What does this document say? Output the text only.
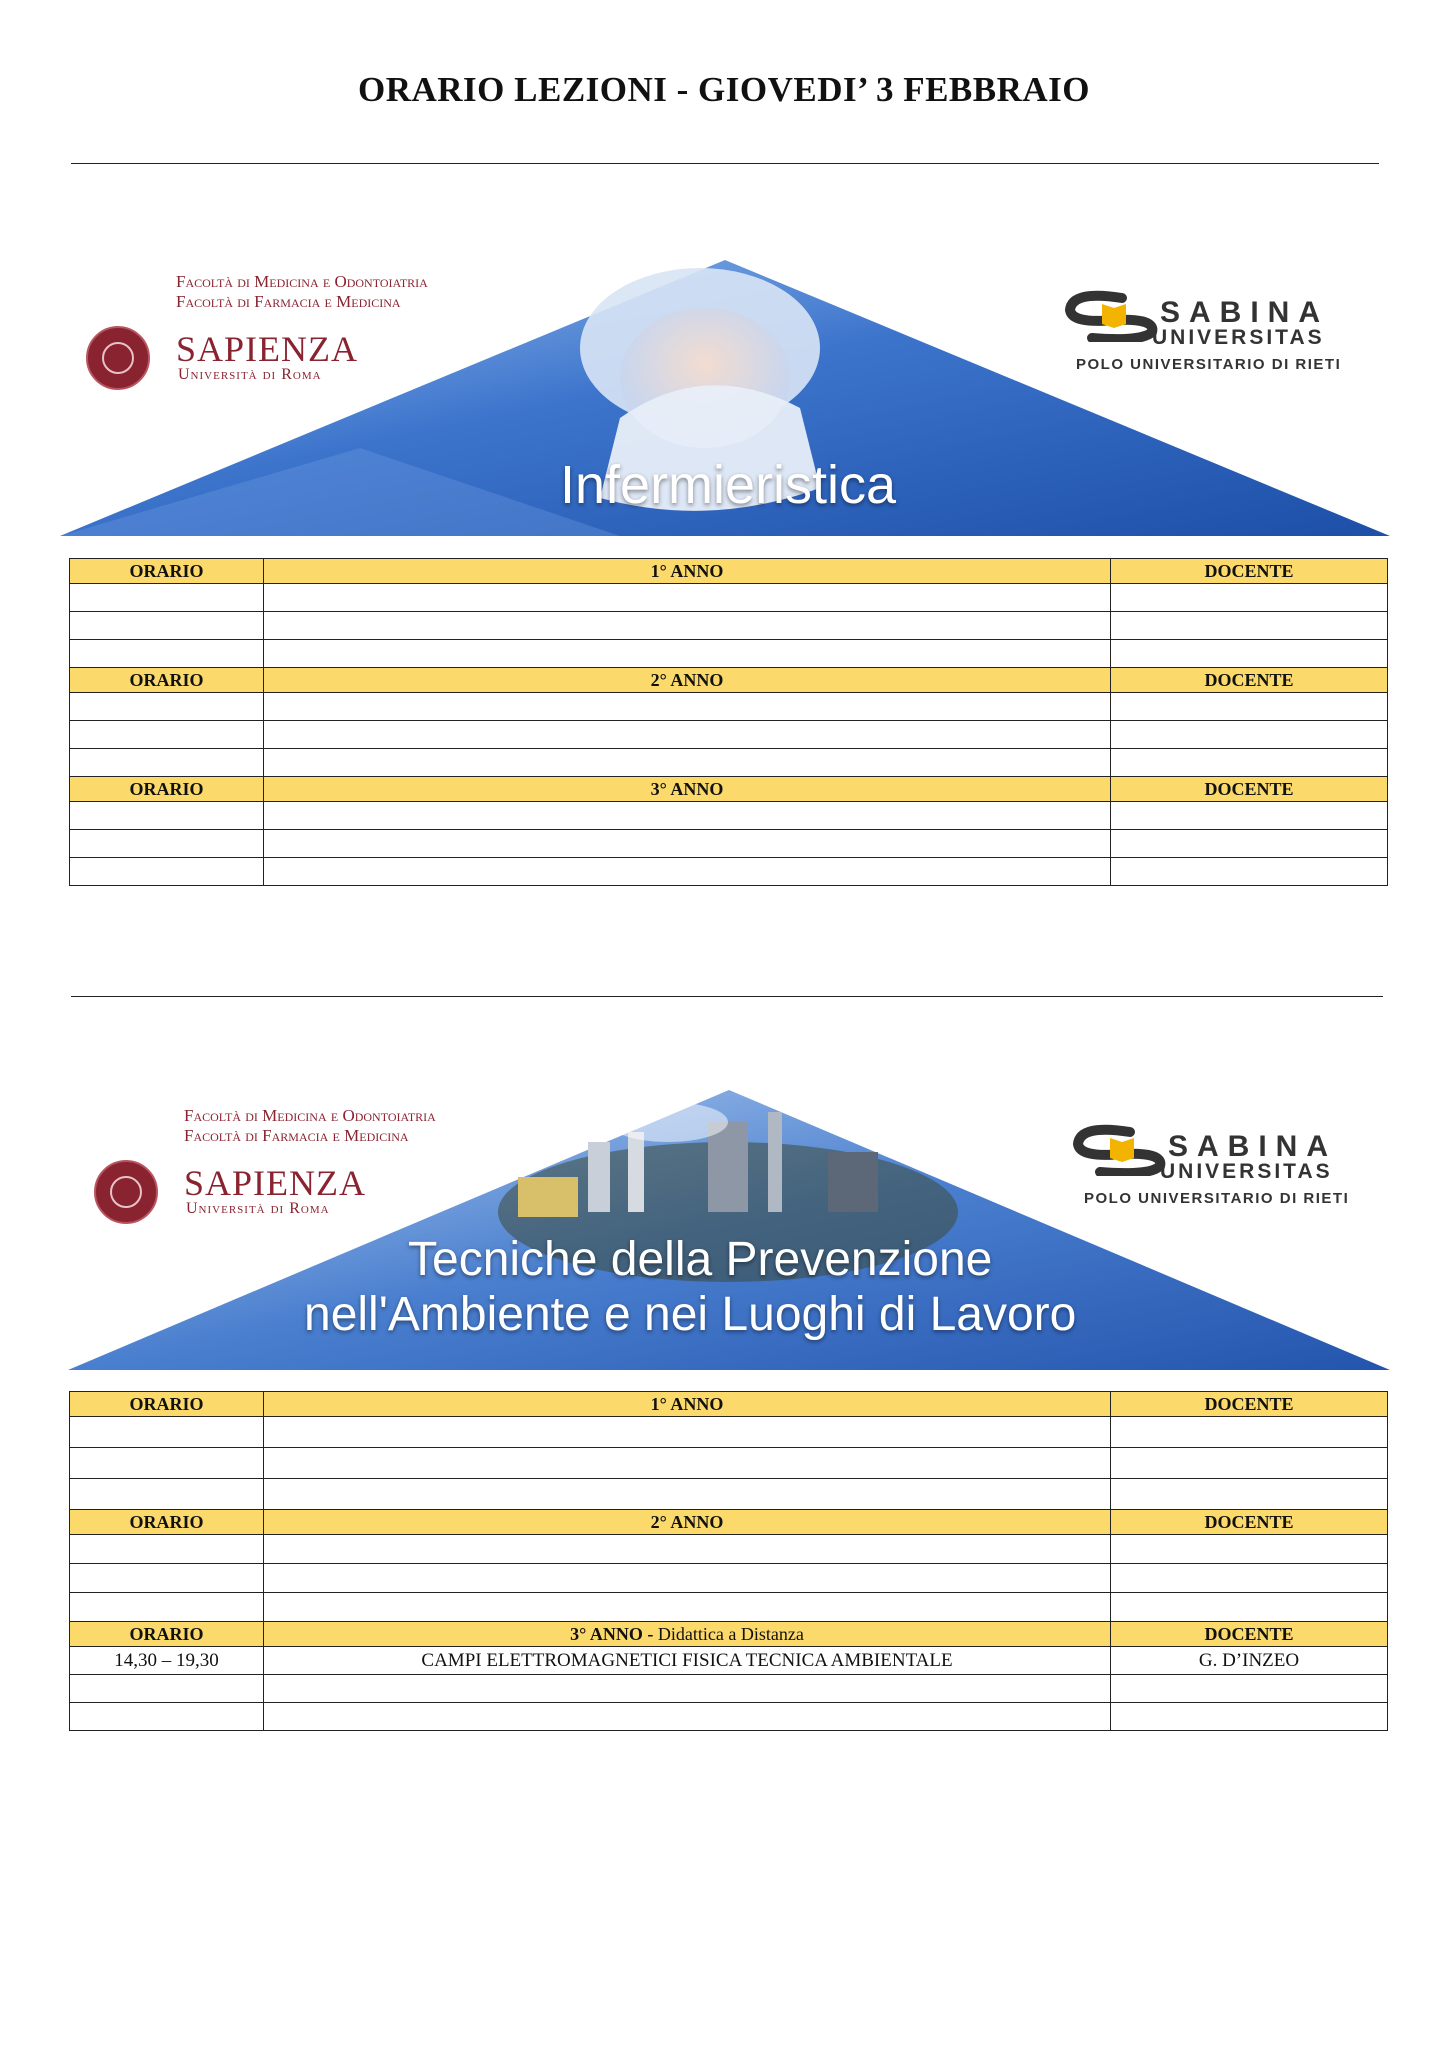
ORARIO LEZIONI - GIOVEDI’ 3 FEBBRAIO
Infermieristica
Facoltà di Medicina e Odontoiatria
Facoltà di Farmacia e Medicina
SAPIENZA
Università di Roma
SABINA
UNIVERSITAS
POLO UNIVERSITARIO DI RIETI
ORARIO	1° ANNO	DOCENTE

ORARIO	2° ANNO	DOCENTE

ORARIO	3° ANNO	DOCENTE

Tecniche della Prevenzione
nell'Ambiente e nei Luoghi di Lavoro
Facoltà di Medicina e Odontoiatria
Facoltà di Farmacia e Medicina
SAPIENZA
Università di Roma
SABINA
UNIVERSITAS
POLO UNIVERSITARIO DI RIETI
ORARIO	1° ANNO	DOCENTE

ORARIO	2° ANNO	DOCENTE

ORARIO	3° ANNO - Didattica a Distanza	DOCENTE
14,30 – 19,30	CAMPI ELETTROMAGNETICI FISICA TECNICA AMBIENTALE	G. D’INZEO
